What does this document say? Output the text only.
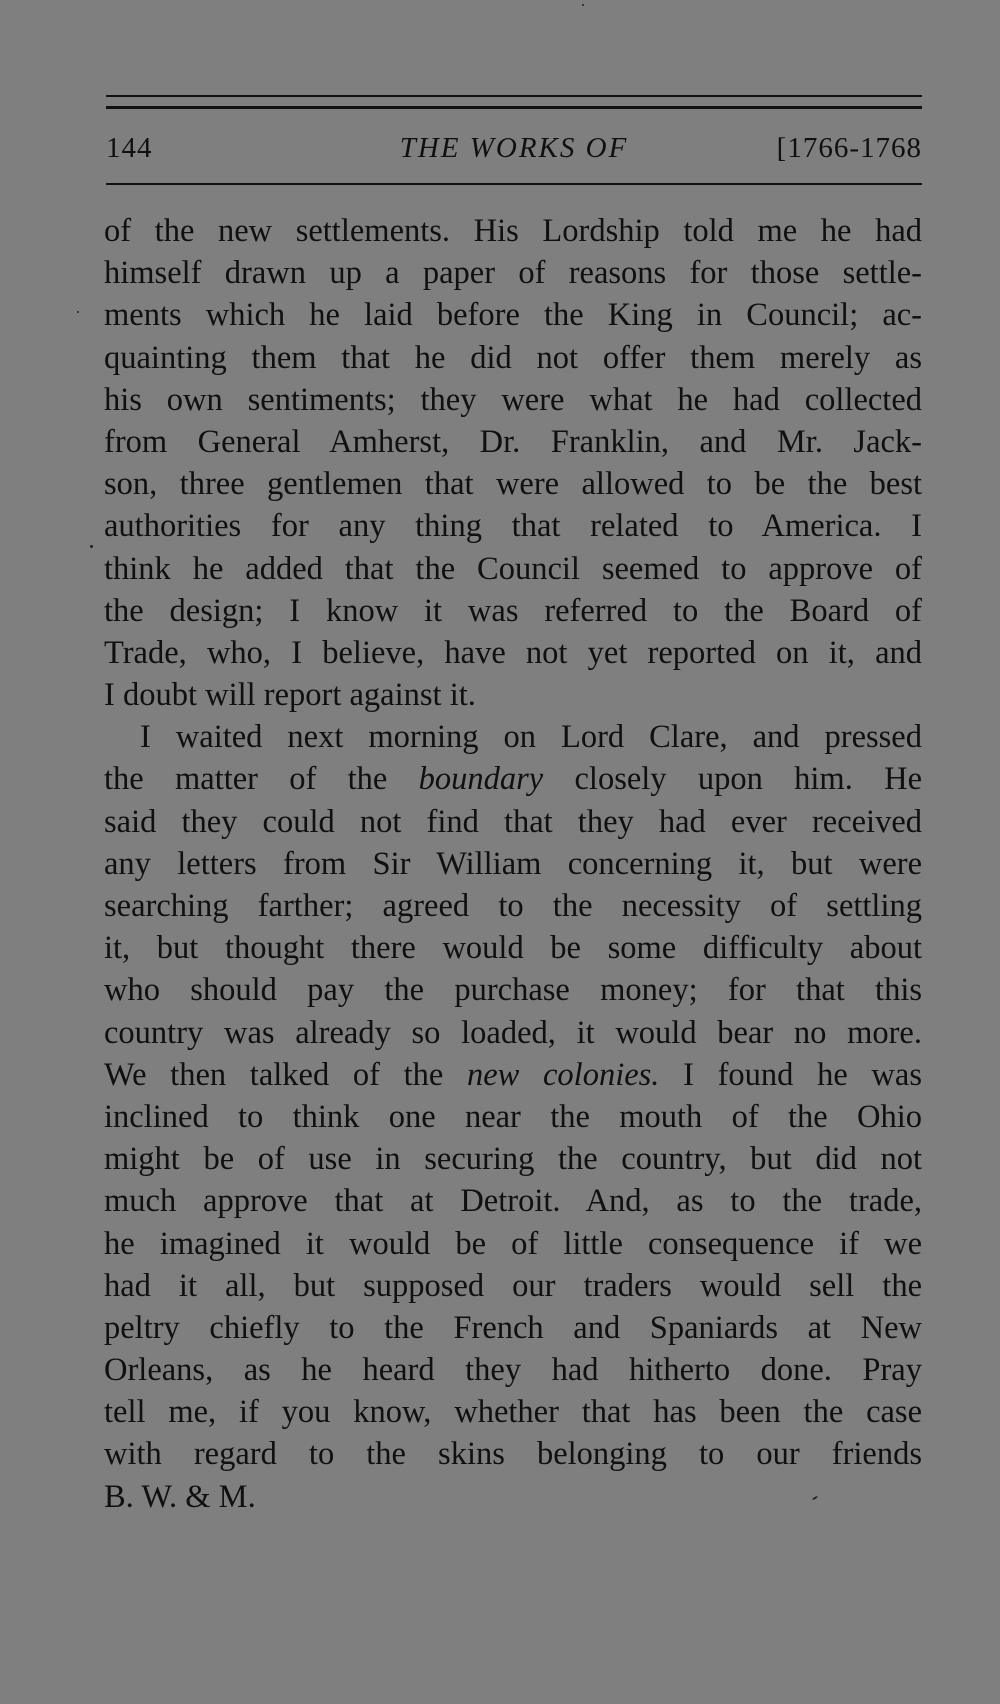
144	THE WORKS OF	[1766-1768
of the new settlements. His Lordship told me he had
himself drawn up a paper of reasons for those settle-
ments which he laid before the King in Council; ac-
quainting them that he did not offer them merely as
his own sentiments; they were what he had collected
from General Amherst, Dr. Franklin, and Mr. Jack-
son, three gentlemen that were allowed to be the best
authorities for any thing that related to America. I
think he added that the Council seemed to approve of
the design; I know it was referred to the Board of
Trade, who, I believe, have not yet reported on it, and
I doubt will report against it.
I waited next morning on Lord Clare, and pressed
the matter of the boundary closely upon him. He
said they could not find that they had ever received
any letters from Sir William concerning it, but were
searching farther; agreed to the necessity of settling
it, but thought there would be some difficulty about
who should pay the purchase money; for that this
country was already so loaded, it would bear no more.
We then talked of the new colonies. I found he was
inclined to think one near the mouth of the Ohio
might be of use in securing the country, but did not
much approve that at Detroit. And, as to the trade,
he imagined it would be of little consequence if we
had it all, but supposed our traders would sell the
peltry chiefly to the French and Spaniards at New
Orleans, as he heard they had hitherto done. Pray
tell me, if you know, whether that has been the case
with regard to the skins belonging to our friends
B. W. & M.
